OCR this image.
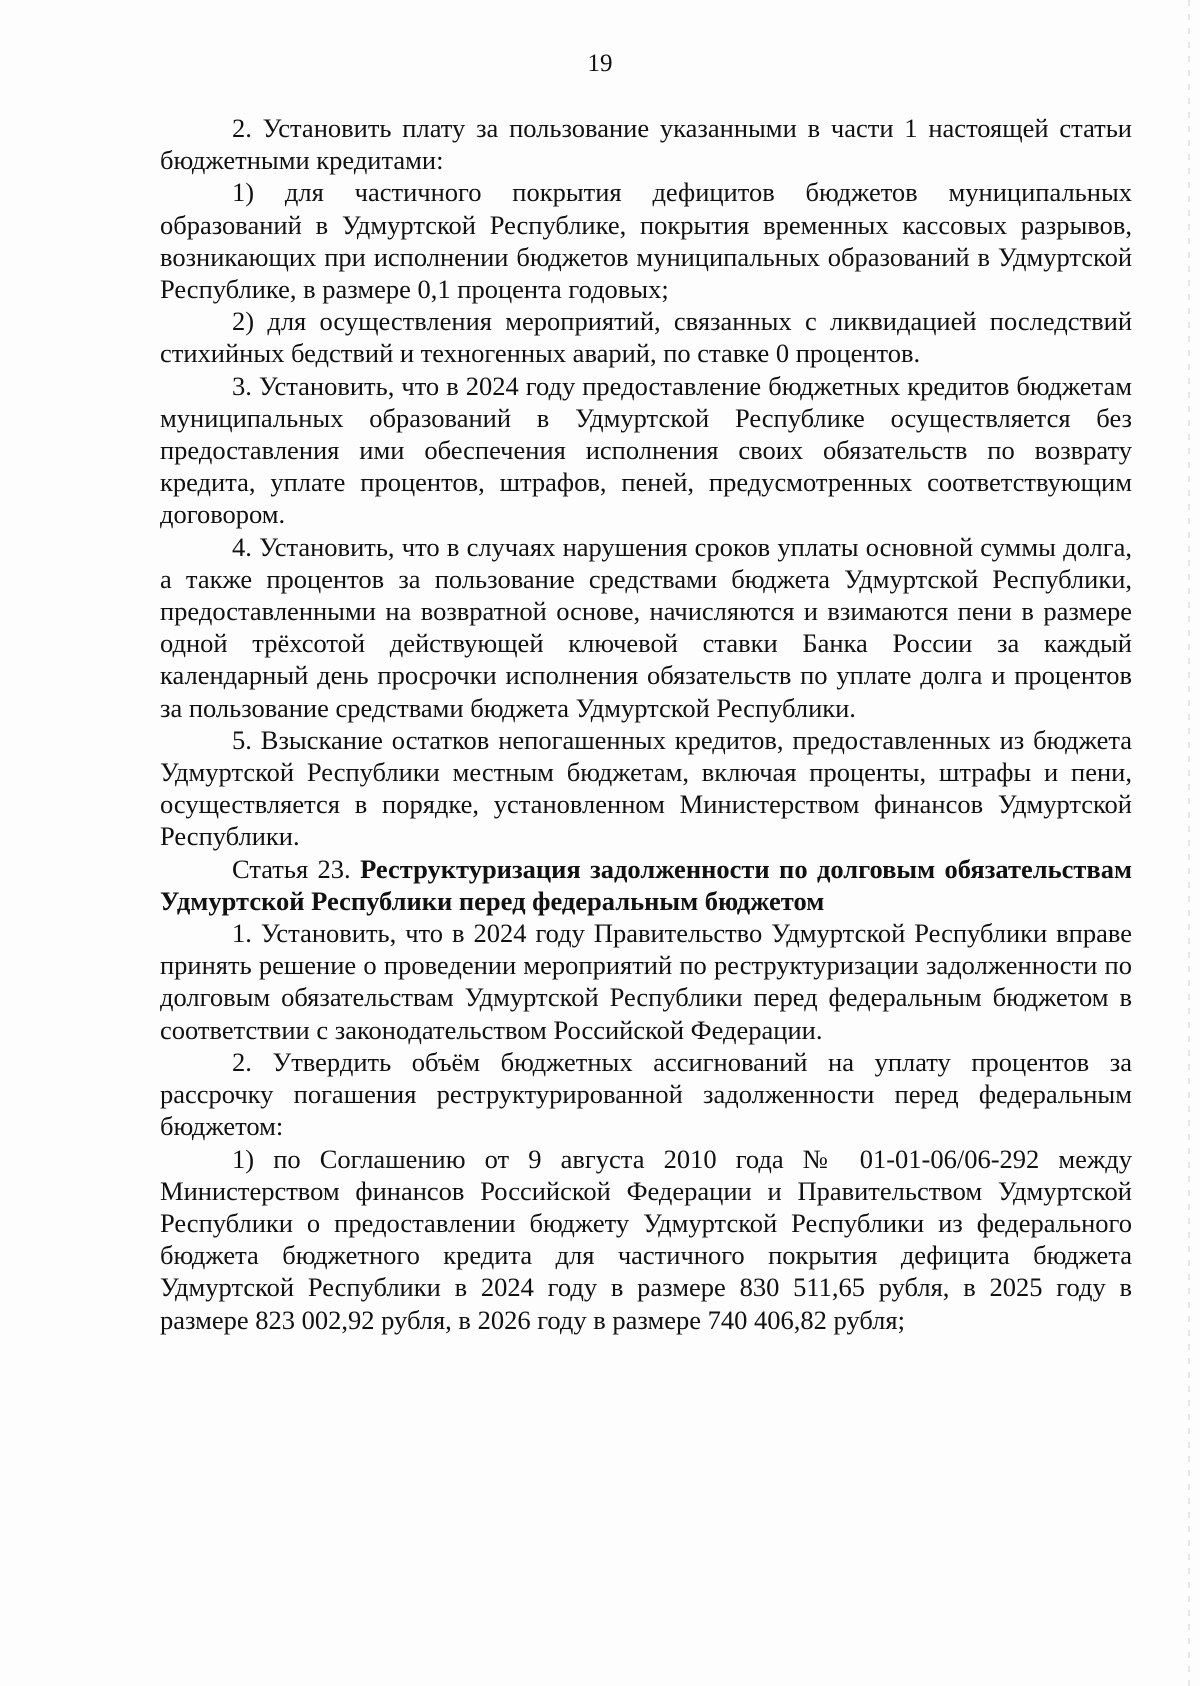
19

2. Установить плату за пользование указанными в части 1 настоящей статьи бюджетными кредитами:

1) для частичного покрытия дефицитов бюджетов муниципальных образований в Удмуртской Республике, покрытия временных кассовых разрывов, возникающих при исполнении бюджетов муниципальных образований в Удмуртской Республике, в размере 0,1 процента годовых;

2) для осуществления мероприятий, связанных с ликвидацией последствий стихийных бедствий и техногенных аварий, по ставке 0 процентов.

3. Установить, что в 2024 году предоставление бюджетных кредитов бюджетам муниципальных образований в Удмуртской Республике осуществляется без предоставления ими обеспечения исполнения своих обязательств по возврату кредита, уплате процентов, штрафов, пеней, предусмотренных соответствующим договором.

4. Установить, что в случаях нарушения сроков уплаты основной суммы долга, а также процентов за пользование средствами бюджета Удмуртской Республики, предоставленными на возвратной основе, начисляются и взимаются пени в размере одной трёхсотой действующей ключевой ставки Банка России за каждый календарный день просрочки исполнения обязательств по уплате долга и процентов за пользование средствами бюджета Удмуртской Республики.

5. Взыскание остатков непогашенных кредитов, предоставленных из бюджета Удмуртской Республики местным бюджетам, включая проценты, штрафы и пени, осуществляется в порядке, установленном Министерством финансов Удмуртской Республики.

Статья 23. Реструктуризация задолженности по долговым обязательствам Удмуртской Республики перед федеральным бюджетом

1. Установить, что в 2024 году Правительство Удмуртской Республики вправе принять решение о проведении мероприятий по реструктуризации задолженности по долговым обязательствам Удмуртской Республики перед федеральным бюджетом в соответствии с законодательством Российской Федерации.

2. Утвердить объём бюджетных ассигнований на уплату процентов за рассрочку погашения реструктурированной задолженности перед федеральным бюджетом:

1) по Соглашению от 9 августа 2010 года № 01-01-06/06-292 между Министерством финансов Российской Федерации и Правительством Удмуртской Республики о предоставлении бюджету Удмуртской Республики из федерального бюджета бюджетного кредита для частичного покрытия дефицита бюджета Удмуртской Республики в 2024 году в размере 830 511,65 рубля, в 2025 году в размере 823 002,92 рубля, в 2026 году в размере 740 406,82 рубля;
